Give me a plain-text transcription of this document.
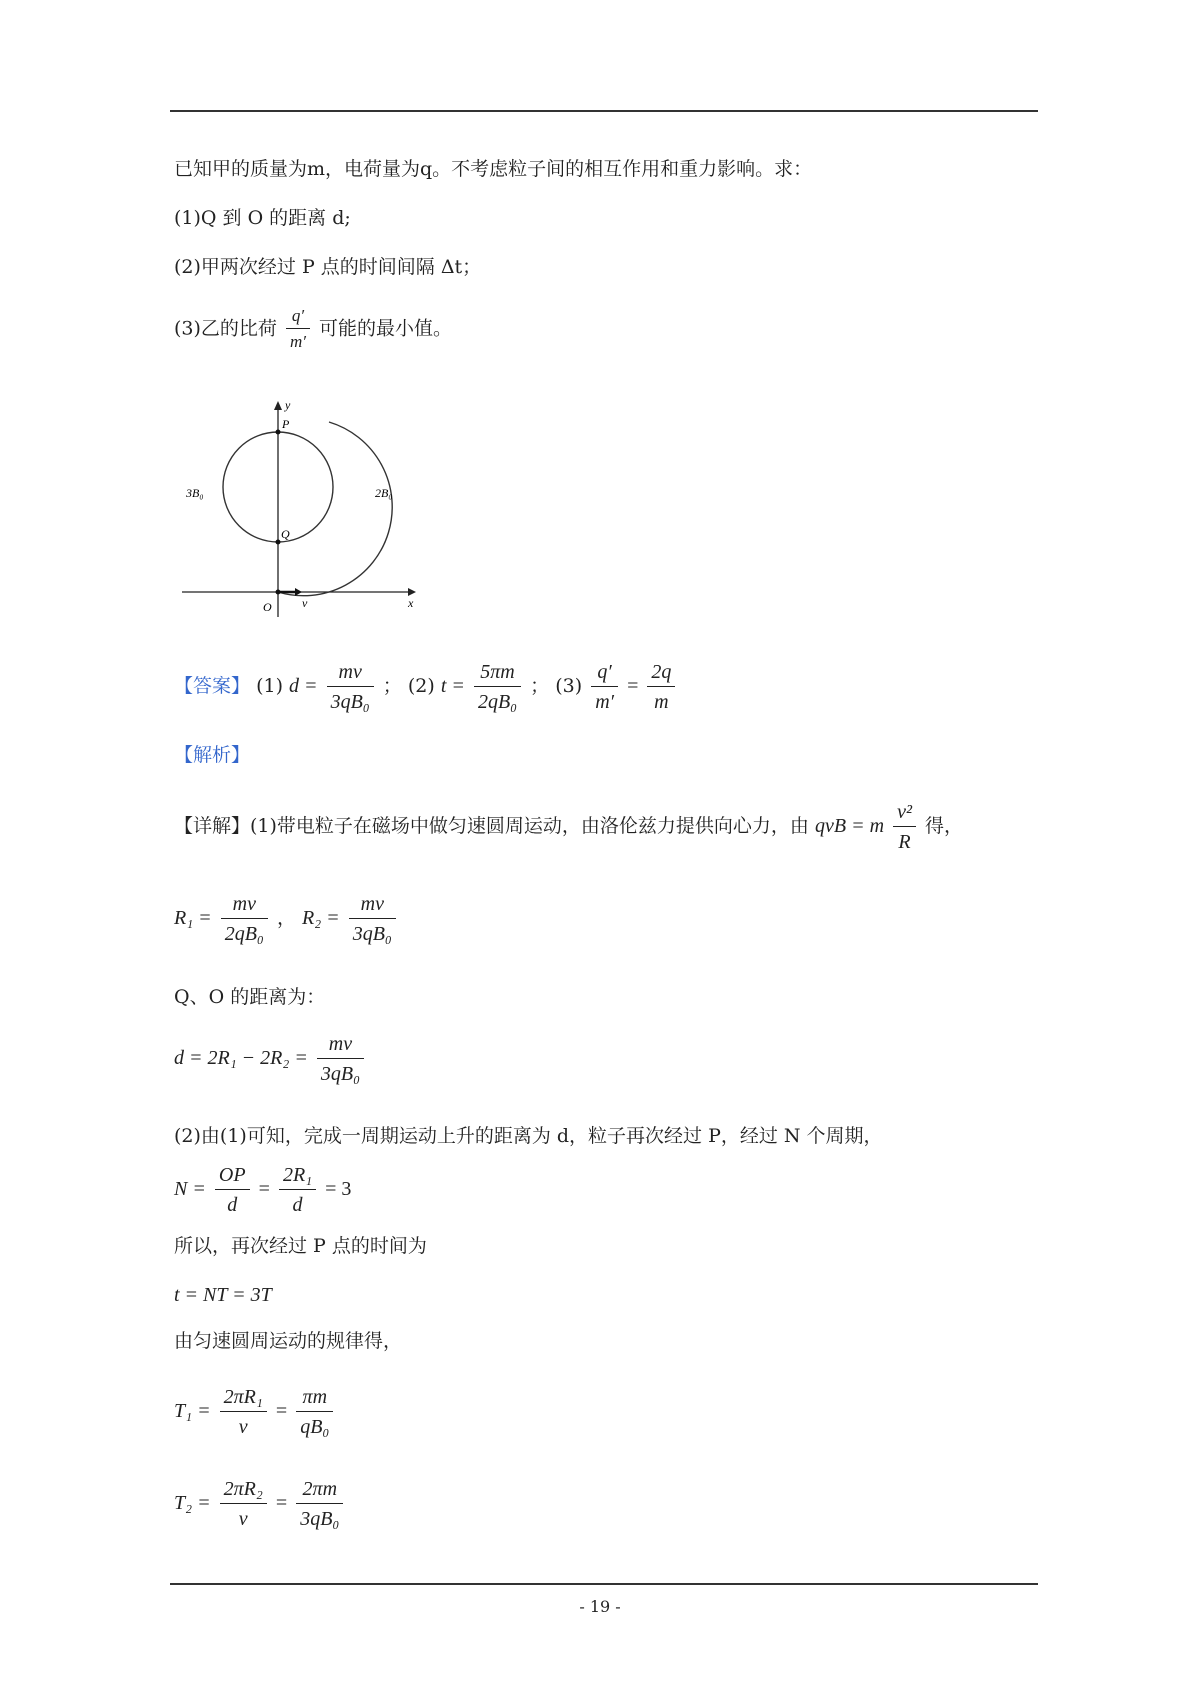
已知甲的质量为m，电荷量为q。不考虑粒子间的相互作用和重力影响。求：
(1)Q 到 O 的距离 d;
(2)甲两次经过 P 点的时间间隔 Δt；
(3)乙的比荷 $\frac{q'}{m'}$ 可能的最小值。
y
x
P
Q
O	v
3B₀	2B₀
【答案】 (1) $d = \frac{mv}{\text{3qB₀}}$ ； (2) $t = \frac{5\pi m}{\text{2qB₀}}$ ； $(3) \frac{q'}{m'} = \frac{2q}{m}$
【解析】
【详解】(1)带电粒子在磁场中做匀速圆周运动，由洛伦兹力提供向心力，由 qvB = m $\frac{\text{v²}}{R}$ 得，
$R_1 = \frac{mv}{\text{2qB₀}}$ ， $R_2 = \frac{mv}{\text{3qB₀}}$
Q、O 的距离为：
$d = 2R_1 - 2R_2 = \frac{mv}{\text{3qB₀}}$
(2)由(1)可知，完成一周期运动上升的距离为 d，粒子再次经过 P，经过 N 个周期，
$N = \frac{OP}{d} = \frac{\text{2R₁}}{d} = 3$
所以，再次经过 P 点的时间为
t = NT = 3T
由匀速圆周运动的规律得，
$T_1 = \frac{\text{2πR₁}}{v} = \frac{\pi m}{\text{qB₀}}$
$T_2 = \frac{\text{2πR₂}}{v} = \frac{2\pi m}{\text{3qB₀}}$
- 19 -
